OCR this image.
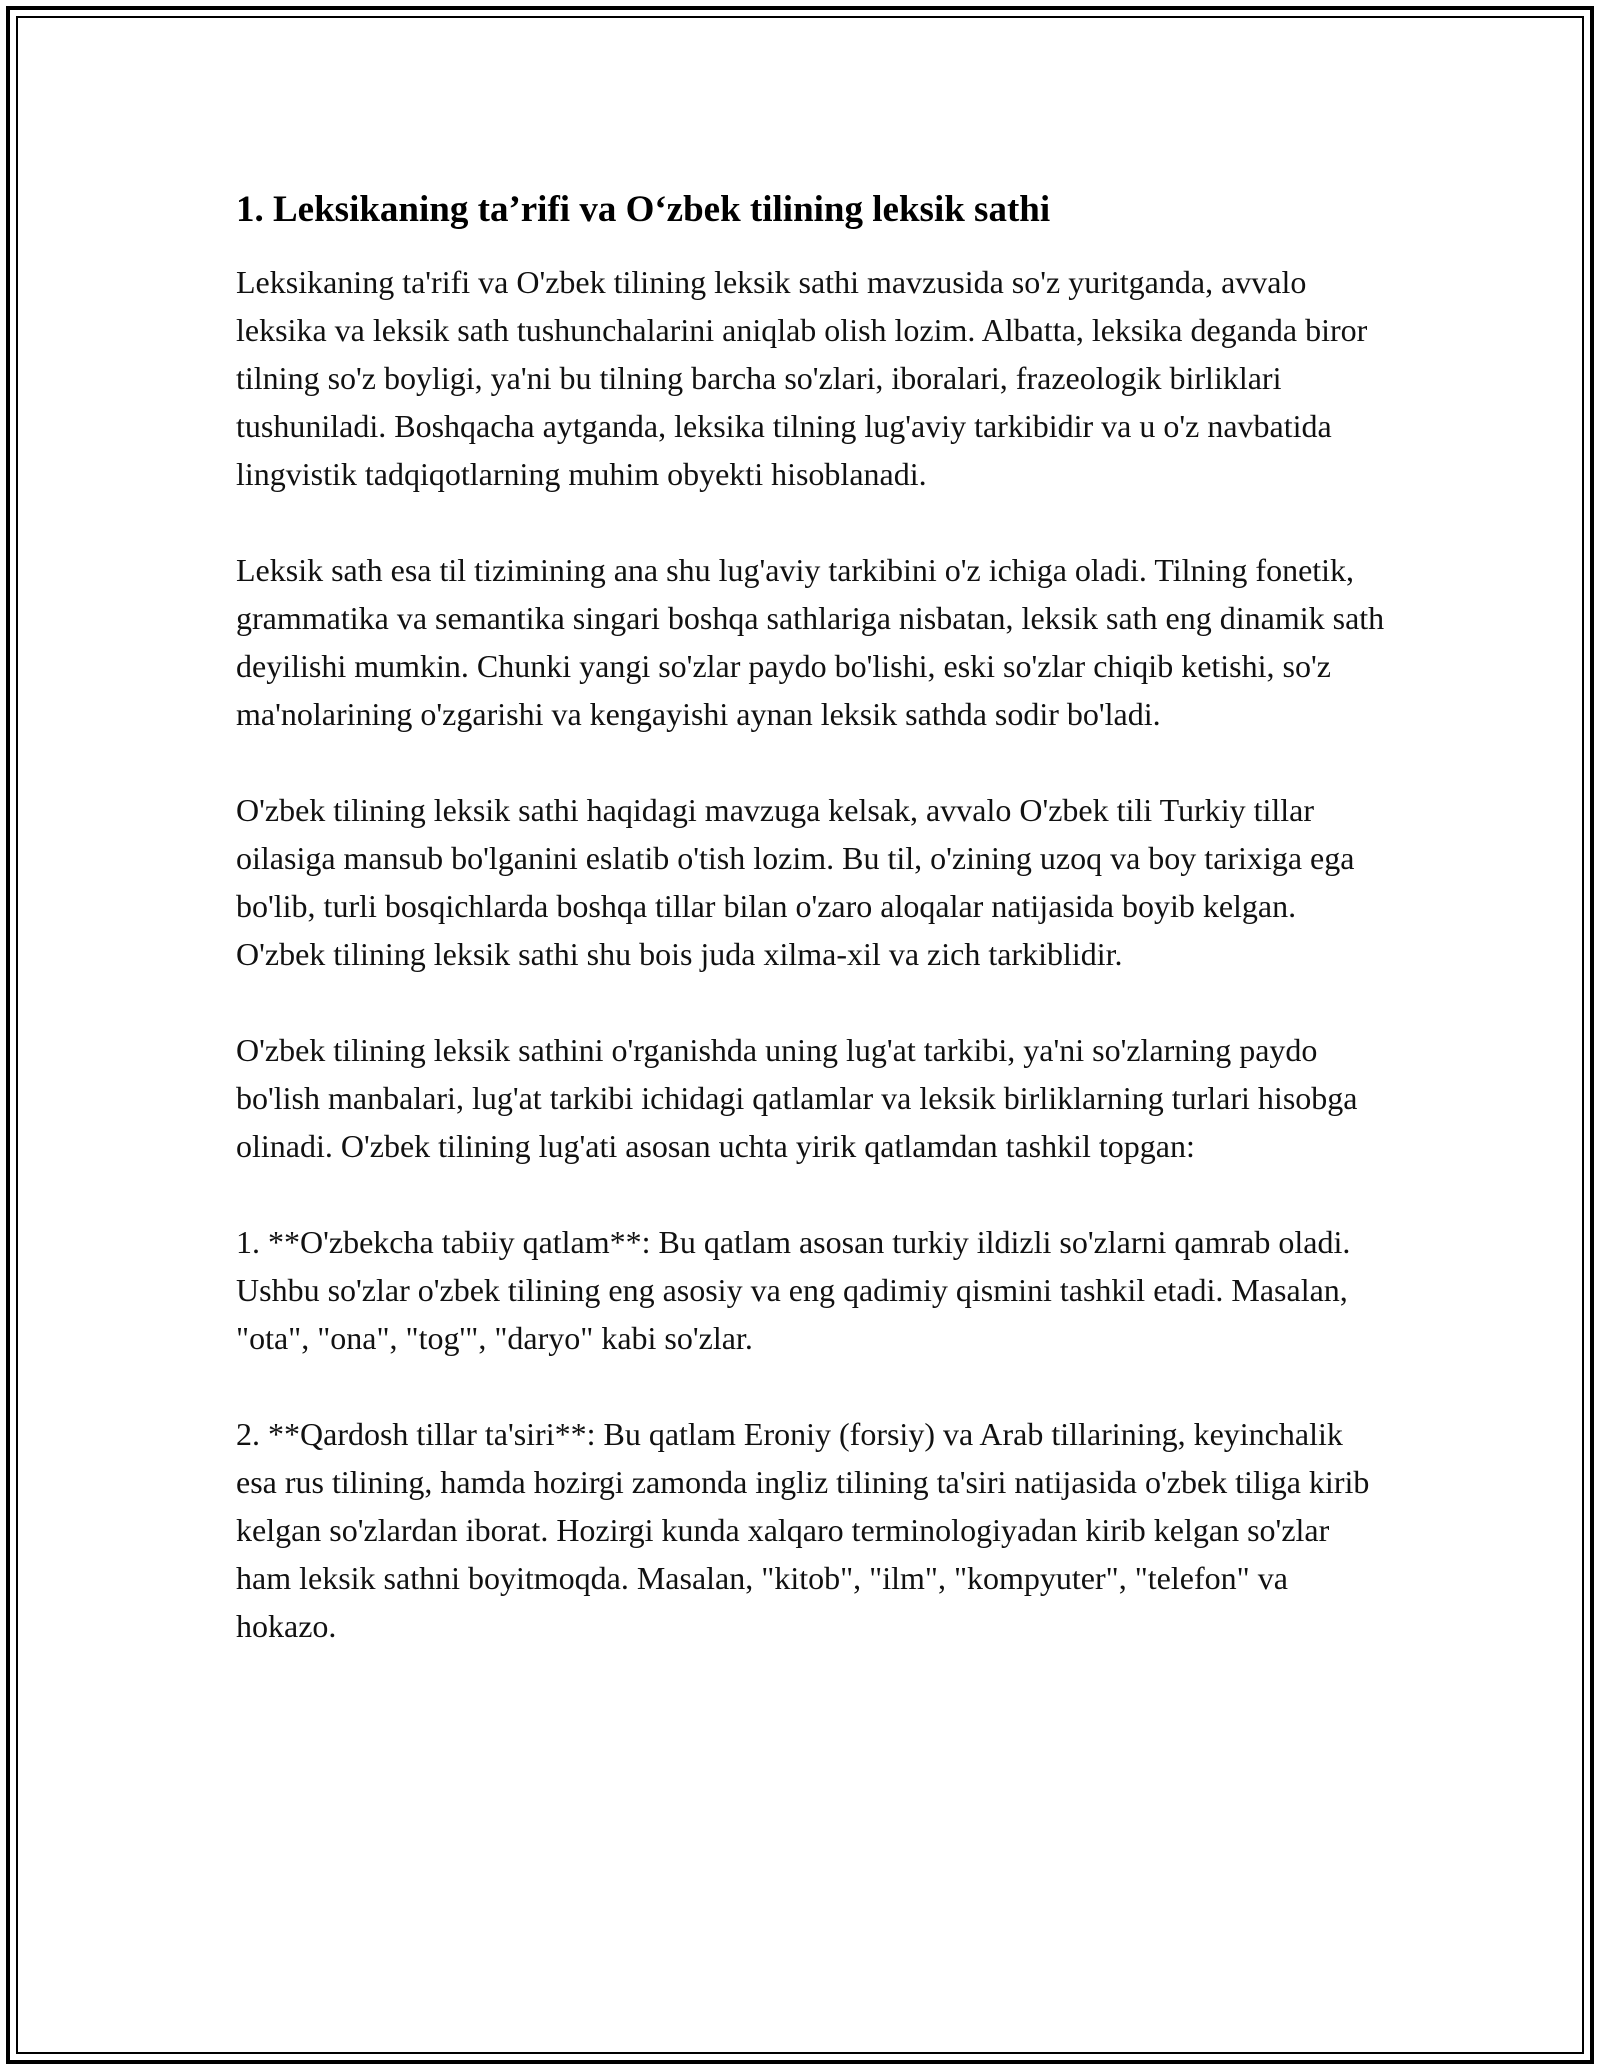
1. Leksikaning ta’rifi va O‘zbek tilining leksik sathi

Leksikaning ta'rifi va O'zbek tilining leksik sathi mavzusida so'z yuritganda, avvalo leksika va leksik sath tushunchalarini aniqlab olish lozim. Albatta, leksika deganda biror tilning so'z boyligi, ya'ni bu tilning barcha so'zlari, iboralari, frazeologik birliklari tushuniladi. Boshqacha aytganda, leksika tilning lug'aviy tarkibidir va u o'z navbatida lingvistik tadqiqotlarning muhim obyekti hisoblanadi.

Leksik sath esa til tizimining ana shu lug'aviy tarkibini o'z ichiga oladi. Tilning fonetik, grammatika va semantika singari boshqa sathlariga nisbatan, leksik sath eng dinamik sath deyilishi mumkin. Chunki yangi so'zlar paydo bo'lishi, eski so'zlar chiqib ketishi, so'z ma'nolarining o'zgarishi va kengayishi aynan leksik sathda sodir bo'ladi.

O'zbek tilining leksik sathi haqidagi mavzuga kelsak, avvalo O'zbek tili Turkiy tillar oilasiga mansub bo'lganini eslatib o'tish lozim. Bu til, o'zining uzoq va boy tarixiga ega bo'lib, turli bosqichlarda boshqa tillar bilan o'zaro aloqalar natijasida boyib kelgan. O'zbek tilining leksik sathi shu bois juda xilma-xil va zich tarkiblidir.

O'zbek tilining leksik sathini o'rganishda uning lug'at tarkibi, ya'ni so'zlarning paydo bo'lish manbalari, lug'at tarkibi ichidagi qatlamlar va leksik birliklarning turlari hisobga olinadi. O'zbek tilining lug'ati asosan uchta yirik qatlamdan tashkil topgan:

1. **O'zbekcha tabiiy qatlam**: Bu qatlam asosan turkiy ildizli so'zlarni qamrab oladi. Ushbu so'zlar o'zbek tilining eng asosiy va eng qadimiy qismini tashkil etadi. Masalan, "ota", "ona", "tog'", "daryo" kabi so'zlar.

2. **Qardosh tillar ta'siri**: Bu qatlam Eroniy (forsiy) va Arab tillarining, keyinchalik esa rus tilining, hamda hozirgi zamonda ingliz tilining ta'siri natijasida o'zbek tiliga kirib kelgan so'zlardan iborat. Hozirgi kunda xalqaro terminologiyadan kirib kelgan so'zlar ham leksik sathni boyitmoqda. Masalan, "kitob", "ilm", "kompyuter", "telefon" va hokazo.
